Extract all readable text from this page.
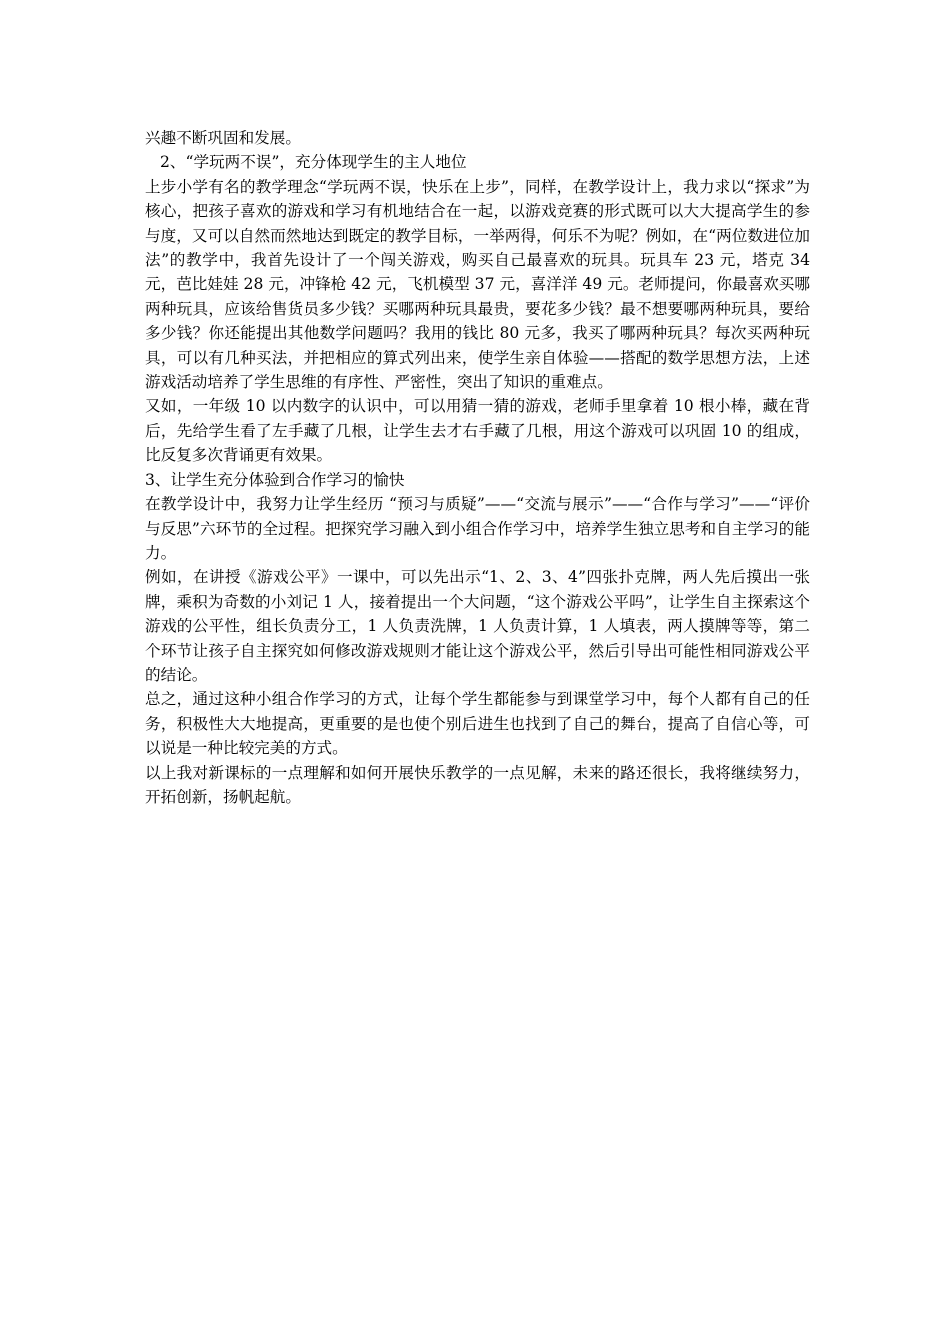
兴趣不断巩固和发展。

2、“学玩两不误”，充分体现学生的主人地位

上步小学有名的教学理念“学玩两不误，快乐在上步”，同样，在教学设计上，我力求以“探求”为核心，把孩子喜欢的游戏和学习有机地结合在一起，以游戏竞赛的形式既可以大大提高学生的参与度，又可以自然而然地达到既定的教学目标，一举两得，何乐不为呢？例如，在“两位数进位加法”的教学中，我首先设计了一个闯关游戏，购买自己最喜欢的玩具。玩具车 23 元，塔克 34 元，芭比娃娃 28 元，冲锋枪 42 元，飞机模型 37 元，喜洋洋 49 元。老师提问，你最喜欢买哪两种玩具，应该给售货员多少钱？买哪两种玩具最贵，要花多少钱？最不想要哪两种玩具，要给多少钱？你还能提出其他数学问题吗？我用的钱比 80 元多，我买了哪两种玩具？每次买两种玩具，可以有几种买法，并把相应的算式列出来，使学生亲自体验——搭配的数学思想方法，上述游戏活动培养了学生思维的有序性、严密性，突出了知识的重难点。

又如，一年级 10 以内数字的认识中，可以用猜一猜的游戏，老师手里拿着 10 根小棒，藏在背后，先给学生看了左手藏了几根，让学生去才右手藏了几根，用这个游戏可以巩固 10 的组成，比反复多次背诵更有效果。

3、让学生充分体验到合作学习的愉快

在教学设计中，我努力让学生经历 “预习与质疑”——“交流与展示”——“合作与学习”——“评价与反思”六环节的全过程。把探究学习融入到小组合作学习中，培养学生独立思考和自主学习的能力。

例如，在讲授《游戏公平》一课中，可以先出示“1、2、3、4”四张扑克牌，两人先后摸出一张牌，乘积为奇数的小刘记 1 人，接着提出一个大问题，“这个游戏公平吗”，让学生自主探索这个游戏的公平性，组长负责分工，1 人负责洗牌，1 人负责计算，1 人填表，两人摸牌等等，第二个环节让孩子自主探究如何修改游戏规则才能让这个游戏公平，然后引导出可能性相同游戏公平的结论。

总之，通过这种小组合作学习的方式，让每个学生都能参与到课堂学习中，每个人都有自己的任务，积极性大大地提高，更重要的是也使个别后进生也找到了自己的舞台，提高了自信心等，可以说是一种比较完美的方式。

以上我对新课标的一点理解和如何开展快乐教学的一点见解，未来的路还很长，我将继续努力，开拓创新，扬帆起航。
